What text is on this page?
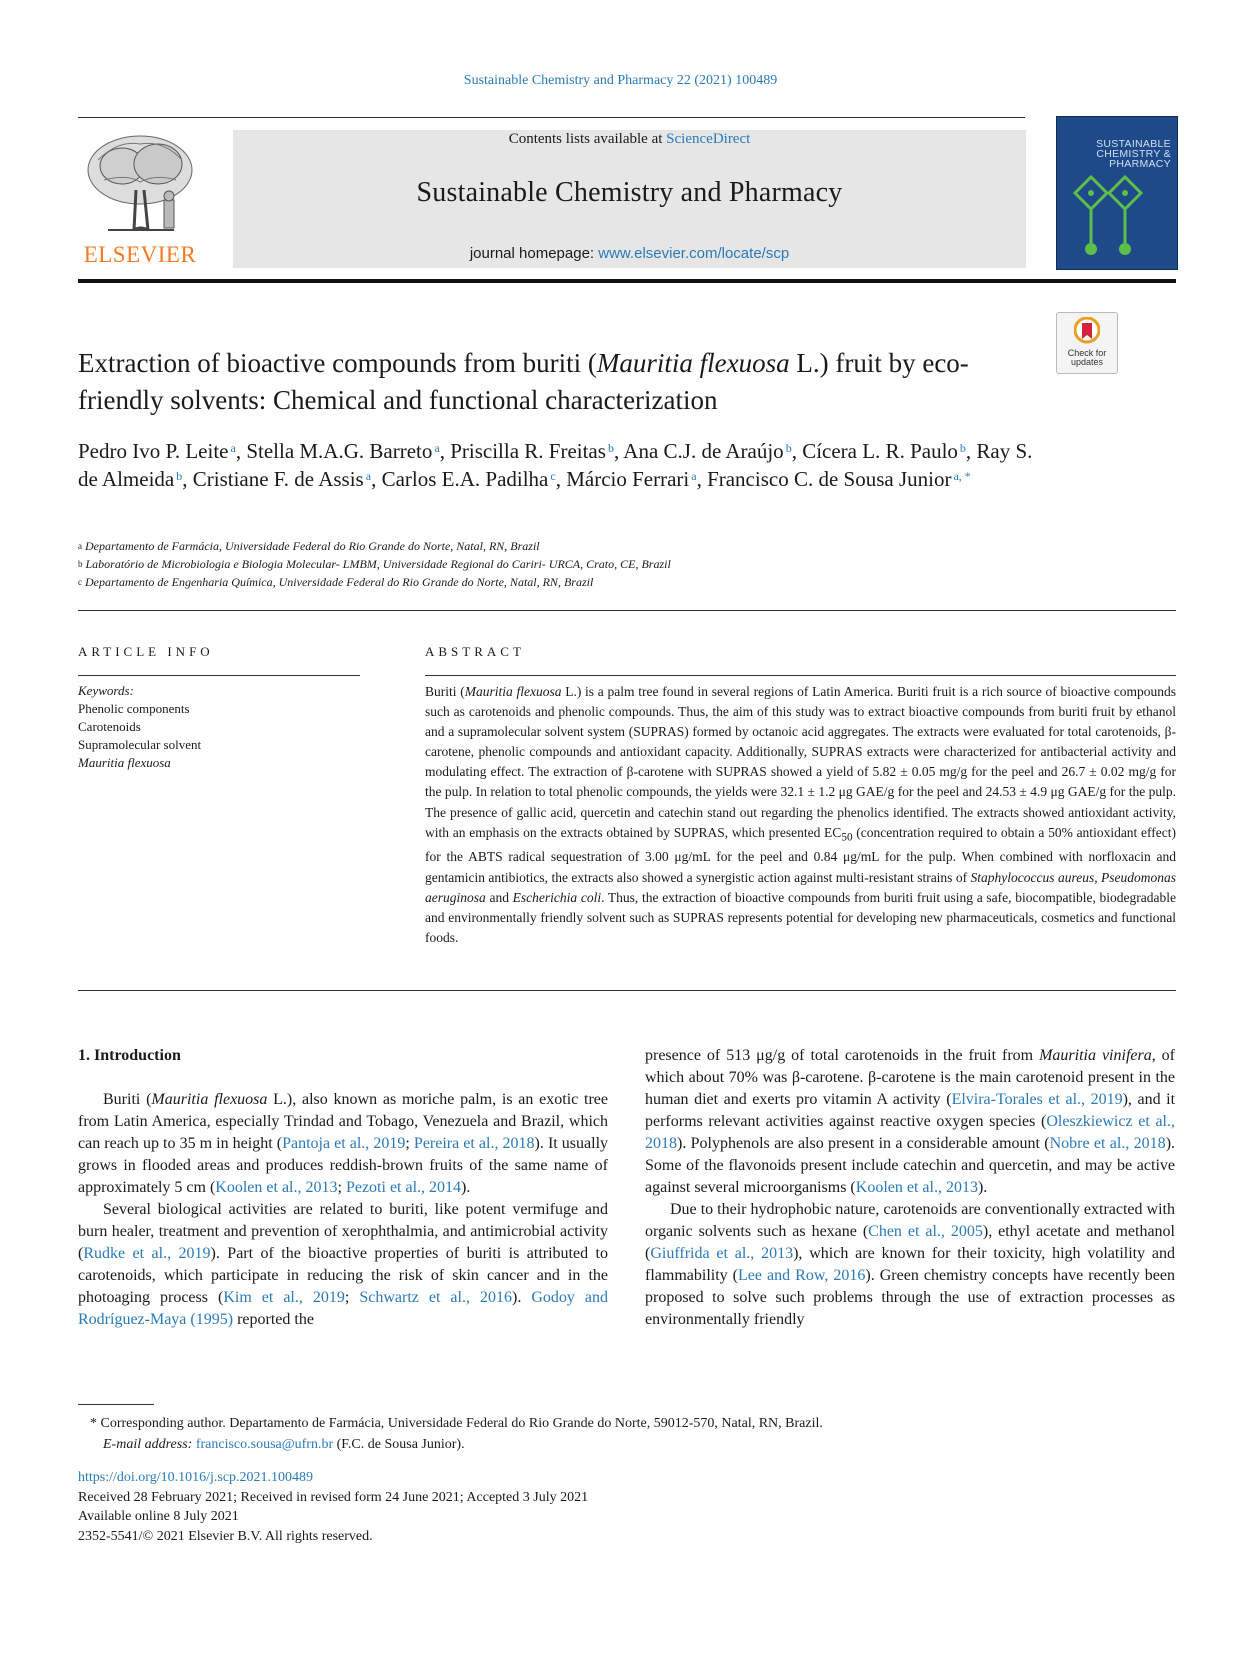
Sustainable Chemistry and Pharmacy 22 (2021) 100489
ELSEVIER
Contents lists available at ScienceDirect
Sustainable Chemistry and Pharmacy
journal homepage: www.elsevier.com/locate/scp
SUSTAINABLE
CHEMISTRY &
PHARMACY
Check for
updates
Extraction of bioactive compounds from buriti (Mauritia flexuosa L.) fruit by eco-friendly solvents: Chemical and functional characterization
Pedro Ivo P. Leite $^a$, Stella M.A.G. Barreto $^a$, Priscilla R. Freitas $^b$, Ana C.J. de Araújo $^b$, Cícera L. R. Paulo $^b$, Ray S. de Almeida $^b$, Cristiane F. de Assis $^a$, Carlos E.A. Padilha $^c$, Márcio Ferrari $^a$, Francisco C. de Sousa Junior $^{a, *}$
$^a$ Departamento de Farmácia, Universidade Federal do Rio Grande do Norte, Natal, RN, Brazil
$^b$ Laboratório de Microbiologia e Biologia Molecular- LMBM, Universidade Regional do Cariri- URCA, Crato, CE, Brazil
$^c$ Departamento de Engenharia Química, Universidade Federal do Rio Grande do Norte, Natal, RN, Brazil
ARTICLE INFO	ABSTRACT
Keywords:
Phenolic components
Carotenoids
Supramolecular solvent
Mauritia flexuosa
Buriti (Mauritia flexuosa L.) is a palm tree found in several regions of Latin America. Buriti fruit is a rich source of bioactive compounds such as carotenoids and phenolic compounds. Thus, the aim of this study was to extract bioactive compounds from buriti fruit by ethanol and a supramolecular solvent system (SUPRAS) formed by octanoic acid aggregates. The extracts were evaluated for total carotenoids, β-carotene, phenolic compounds and antioxidant capacity. Additionally, SUPRAS extracts were characterized for antibacterial activity and modulating effect. The extraction of β-carotene with SUPRAS showed a yield of 5.82 ± 0.05 mg/g for the peel and 26.7 ± 0.02 mg/g for the pulp. In relation to total phenolic compounds, the yields were 32.1 ± 1.2 μg GAE/g for the peel and 24.53 ± 4.9 μg GAE/g for the pulp. The presence of gallic acid, quercetin and catechin stand out regarding the phenolics identified. The extracts showed antioxidant activity, with an emphasis on the extracts obtained by SUPRAS, which presented $EC_{50}$ (concentration required to obtain a 50% antioxidant effect) for the ABTS radical sequestration of 3.00 μg/mL for the peel and 0.84 μg/mL for the pulp. When combined with norfloxacin and gentamicin antibiotics, the extracts also showed a synergistic action against multi-resistant strains of Staphylococcus aureus, Pseudomonas aeruginosa and Escherichia coli. Thus, the extraction of bioactive compounds from buriti fruit using a safe, biocompatible, biodegradable and environmentally friendly solvent such as SUPRAS represents potential for developing new pharmaceuticals, cosmetics and functional foods.
1. Introduction

Buriti (Mauritia flexuosa L.), also known as moriche palm, is an exotic tree from Latin America, especially Trindad and Tobago, Venezuela and Brazil, which can reach up to 35 m in height (Pantoja et al., 2019; Pereira et al., 2018). It usually grows in flooded areas and produces reddish-brown fruits of the same name of approximately 5 cm (Koolen et al., 2013; Pezoti et al., 2014).

Several biological activities are related to buriti, like potent vermifuge and burn healer, treatment and prevention of xerophthalmia, and antimicrobial activity (Rudke et al., 2019). Part of the bioactive properties of buriti is attributed to carotenoids, which participate in reducing the risk of skin cancer and in the photoaging process (Kim et al., 2019; Schwartz et al., 2016). Godoy and Rodríguez-Maya (1995) reported the

presence of 513 μg/g of total carotenoids in the fruit from Mauritia vinifera, of which about 70% was β-carotene. β-carotene is the main carotenoid present in the human diet and exerts pro vitamin A activity (Elvira-Torales et al., 2019), and it performs relevant activities against reactive oxygen species (Oleszkiewicz et al., 2018). Polyphenols are also present in a considerable amount (Nobre et al., 2018). Some of the flavonoids present include catechin and quercetin, and may be active against several microorganisms (Koolen et al., 2013).

Due to their hydrophobic nature, carotenoids are conventionally extracted with organic solvents such as hexane (Chen et al., 2005), ethyl acetate and methanol (Giuffrida et al., 2013), which are known for their toxicity, high volatility and flammability (Lee and Row, 2016). Green chemistry concepts have recently been proposed to solve such problems through the use of extraction processes as environmentally friendly

* Corresponding author. Departamento de Farmácia, Universidade Federal do Rio Grande do Norte, 59012-570, Natal, RN, Brazil.
E-mail address: francisco.sousa@ufrn.br (F.C. de Sousa Junior).
https://doi.org/10.1016/j.scp.2021.100489
Received 28 February 2021; Received in revised form 24 June 2021; Accepted 3 July 2021
Available online 8 July 2021
2352-5541/© 2021 Elsevier B.V. All rights reserved.
